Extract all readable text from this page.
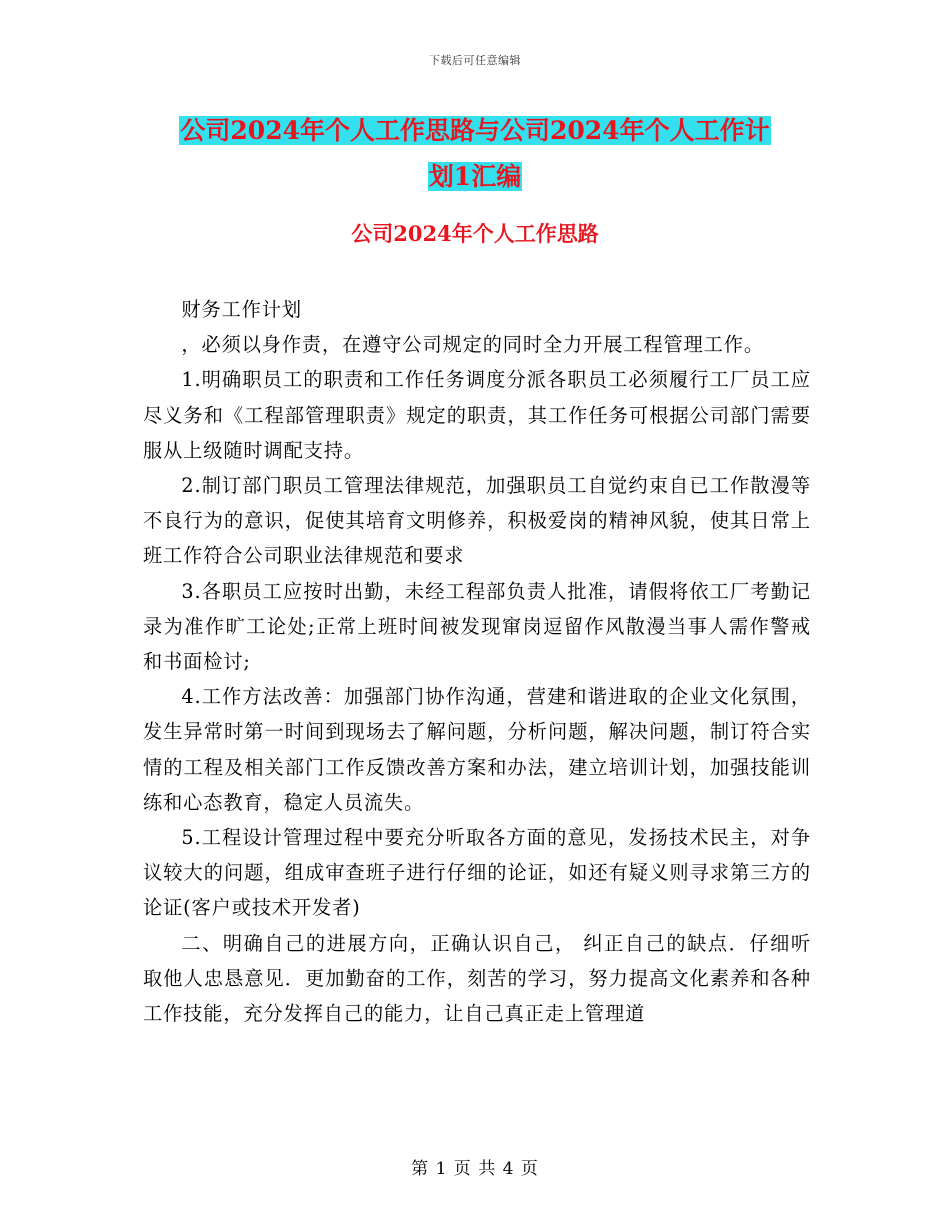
下载后可任意编辑
公司2024年个人工作思路与公司2024年个人工作计
划1汇编
公司2024年个人工作思路

财务工作计划

，必须以身作责，在遵守公司规定的同时全力开展工程管理工作。

1.明确职员工的职责和工作任务调度分派各职员工必须履行工厂员工应尽义务和《工程部管理职责》规定的职责，其工作任务可根据公司部门需要服从上级随时调配支持。

2.制订部门职员工管理法律规范，加强职员工自觉约束自已工作散漫等不良行为的意识，促使其培育文明修养，积极爱岗的精神风貌，使其日常上班工作符合公司职业法律规范和要求

3.各职员工应按时出勤，未经工程部负责人批准，请假将依工厂考勤记录为准作旷工论处;正常上班时间被发现窜岗逗留作风散漫当事人需作警戒和书面检讨;

4.工作方法改善：加强部门协作沟通，营建和谐进取的企业文化氛围，发生异常时第一时间到现场去了解问题，分析问题，解决问题，制订符合实情的工程及相关部门工作反馈改善方案和办法，建立培训计划，加强技能训练和心态教育，稳定人员流失。

5.工程设计管理过程中要充分听取各方面的意见，发扬技术民主，对争议较大的问题，组成审查班子进行仔细的论证，如还有疑义则寻求第三方的论证(客户或技术开发者)

二、明确自己的进展方向，正确认识自己， 纠正自己的缺点．仔细听取他人忠恳意见．更加勤奋的工作，刻苦的学习，努力提高文化素养和各种工作技能，充分发挥自己的能力，让自己真正走上管理道

第 1 页 共 4 页
